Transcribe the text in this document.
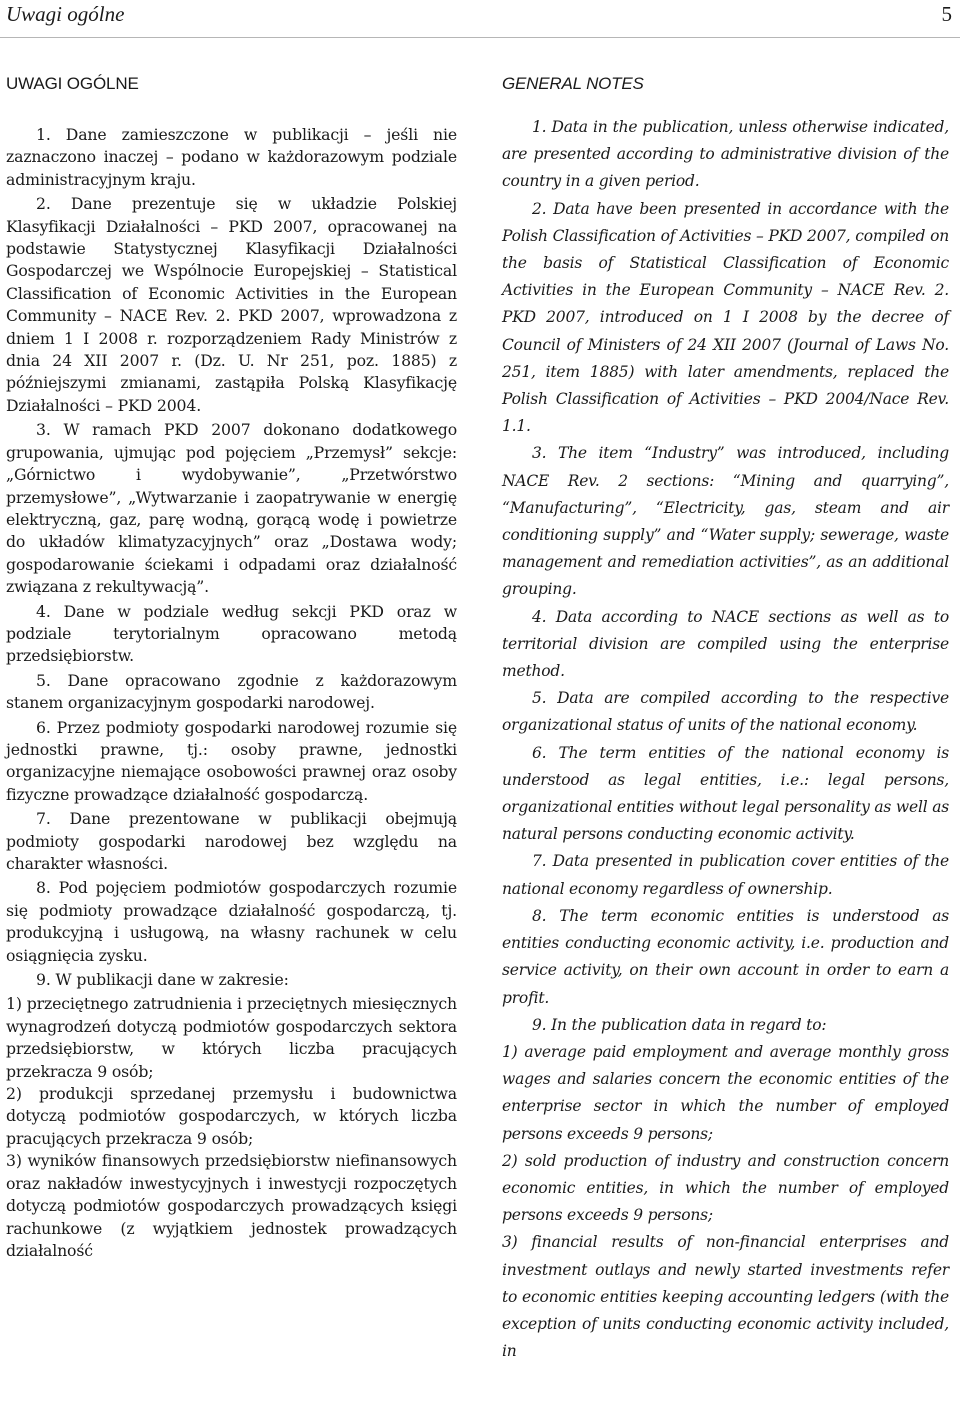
Uwagi ogólne	5
UWAGI OGÓLNE

1. Dane zamieszczone w publikacji – jeśli nie zaznaczono inaczej – podano w każdorazowym podziale administracyjnym kraju.

2. Dane prezentuje się w układzie Polskiej Klasyfikacji Działalności – PKD 2007, opracowanej na podstawie Statystycznej Klasyfikacji Działalności Gospodarczej we Wspólnocie Europejskiej – Statistical Classification of Economic Activities in the European Community – NACE Rev. 2. PKD 2007, wprowadzona z dniem 1 I 2008 r. rozporządzeniem Rady Ministrów z dnia 24 XII 2007 r. (Dz. U. Nr 251, poz. 1885) z późniejszymi zmianami, zastąpiła Polską Klasyfikację Działalności – PKD 2004.

3. W ramach PKD 2007 dokonano dodatkowego grupowania, ujmując pod pojęciem „Przemysł” sekcje: „Górnictwo i wydobywanie”, „Przetwórstwo przemysłowe”, „Wytwarzanie i zaopatrywanie w energię elektryczną, gaz, parę wodną, gorącą wodę i powietrze do układów klimatyzacyjnych” oraz „Dostawa wody; gospodarowanie ściekami i odpadami oraz działalność związana z rekultywacją”.

4. Dane w podziale według sekcji PKD oraz w podziale terytorialnym opracowano metodą przedsiębiorstw.

5. Dane opracowano zgodnie z każdorazowym stanem organizacyjnym gospodarki narodowej.

6. Przez podmioty gospodarki narodowej rozumie się jednostki prawne, tj.: osoby prawne, jednostki organizacyjne niemające osobowości prawnej oraz osoby fizyczne prowadzące działalność gospodarczą.

7. Dane prezentowane w publikacji obejmują podmioty gospodarki narodowej bez względu na charakter własności.

8. Pod pojęciem podmiotów gospodarczych rozumie się podmioty prowadzące działalność gospodarczą, tj. produkcyjną i usługową, na własny rachunek w celu osiągnięcia zysku.

9. W publikacji dane w zakresie:

1) przeciętnego zatrudnienia i przeciętnych miesięcznych wynagrodzeń dotyczą podmiotów gospodarczych sektora przedsiębiorstw, w których liczba pracujących przekracza 9 osób;

2) produkcji sprzedanej przemysłu i budownictwa dotyczą podmiotów gospodarczych, w których liczba pracujących przekracza 9 osób;

3) wyników finansowych przedsiębiorstw niefinansowych oraz nakładów inwestycyjnych i inwestycji rozpoczętych dotyczą podmiotów gospodarczych prowadzących księgi rachunkowe (z wyjątkiem jednostek prowadzących działalność

GENERAL NOTES

1. Data in the publication, unless otherwise indicated, are presented according to administrative division of the country in a given period.

2. Data have been presented in accordance with the Polish Classification of Activities – PKD 2007, compiled on the basis of Statistical Classification of Economic Activities in the European Community – NACE Rev. 2. PKD 2007, introduced on 1 I 2008 by the decree of Council of Ministers of 24 XII 2007 (Journal of Laws No. 251, item 1885) with later amendments, replaced the Polish Classification of Activities – PKD 2004/Nace Rev. 1.1.

3. The item “Industry” was introduced, including NACE Rev. 2 sections: “Mining and quarrying”, “Manufacturing”, “Electricity, gas, steam and air conditioning supply” and “Water supply; sewerage, waste management and remediation activities”, as an additional grouping.

4. Data according to NACE sections as well as to territorial division are compiled using the enterprise method.

5. Data are compiled according to the respective organizational status of units of the national economy.

6. The term entities of the national economy is understood as legal entities, i.e.: legal persons, organizational entities without legal personality as well as natural persons conducting economic activity.

7. Data presented in publication cover entities of the national economy regardless of ownership.

8. The term economic entities is understood as entities conducting economic activity, i.e. production and service activity, on their own account in order to earn a profit.

9. In the publication data in regard to:

1) average paid employment and average monthly gross wages and salaries concern the economic entities of the enterprise sector in which the number of employed persons exceeds 9 persons;

2) sold production of industry and construction concern economic entities, in which the number of employed persons exceeds 9 persons;

3) financial results of non-financial enterprises and investment outlays and newly started investments refer to economic entities keeping accounting ledgers (with the exception of units conducting economic activity included, in
